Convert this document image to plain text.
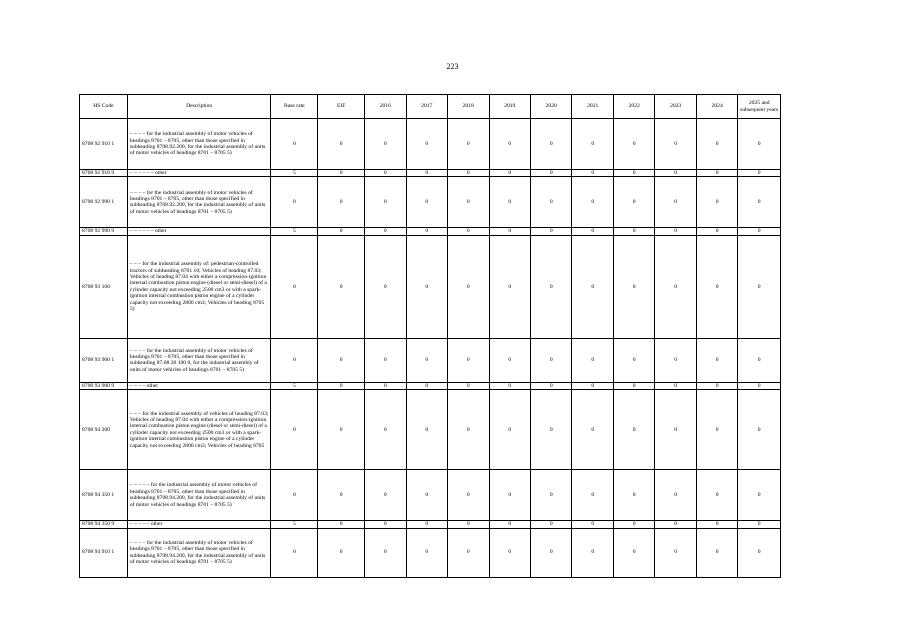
223
HS Code	Description	Base rate	EIF	2016	2017	2018	2019	2020	2021	2022	2023	2024	2025 and subsequent years
8708 92 910 1	– – – – for the industrial assembly of motor vehicles of headings 8701 – 8705, other than those specified in subheading 8708.92.200, for the industrial assembly of units of motor vehicles of headings 8701 – 8705 5)	0	0	0	0	0	0	0	0	0	0	0	0
8708 92 910 9	– – – – – – other	5	0	0	0	0	0	0	0	0	0	0	0
8708 92 990 1	– – – – for the industrial assembly of motor vehicles of headings 8701 – 8705, other than those specified in subheading 8708.92.200, for the industrial assembly of units of motor vehicles of headings 8701 – 8705 5)	0	0	0	0	0	0	0	0	0	0	0	0
8708 92 990 9	– – – – – – other	5	0	0	0	0	0	0	0	0	0	0	0
8708 93 100	– – – for the industrial assembly of: pedestrian-controlled tractors of subheading 8701 10; Vehicles of heading 87.03; Vehicles of heading 87.04 with either a compression-ignition internal combustion piston engine (diesel or semi-diesel) of a cylinder capacity not exceeding 2500 cm3 or with a spark-ignition internal combustion piston engine of a cylinder capacity not exceeding 2800 cm3; Vehicles of heading 8705 5)	0	0	0	0	0	0	0	0	0	0	0	0
8708 93 900 1	– – – – for the industrial assembly of motor vehicles of headings 8701 – 8705, other than those specified in subheading 87.08.30 100 0, for the industrial assembly of units of motor vehicles of headings 8701 – 8705 5)	0	0	0	0	0	0	0	0	0	0	0	0
8708 93 900 9	– – – – other	5	0	0	0	0	0	0	0	0	0	0	0
8708 94 200	– – – for the industrial assembly of vehicles of heading 87.03; Vehicles of heading 87.04 with either a compression-ignition internal combustion piston engine (diesel or semi-diesel) of a cylinder capacity not exceeding 2500 cm3 or with a spark-ignition internal combustion piston engine of a cylinder capacity not exceeding 2800 cm3; Vehicles of heading 8705	0	0	0	0	0	0	0	0	0	0	0	0
8708 94 350 1	– – – – – for the industrial assembly of motor vehicles of headings 8701 – 8705, other than those specified in subheading 8708.94.200, for the industrial assembly of units of motor vehicles of headings 8701 – 8705 5)	0	0	0	0	0	0	0	0	0	0	0	0
8708 94 350 9	– – – – – other	5	0	0	0	0	0	0	0	0	0	0	0
8708 94 910 1	– – – – for the industrial assembly of motor vehicles of headings 8701 – 8705, other than those specified in subheading 8708.94.200, for the industrial assembly of units of motor vehicles of headings 8701 – 8705 5)	0	0	0	0	0	0	0	0	0	0	0	0
